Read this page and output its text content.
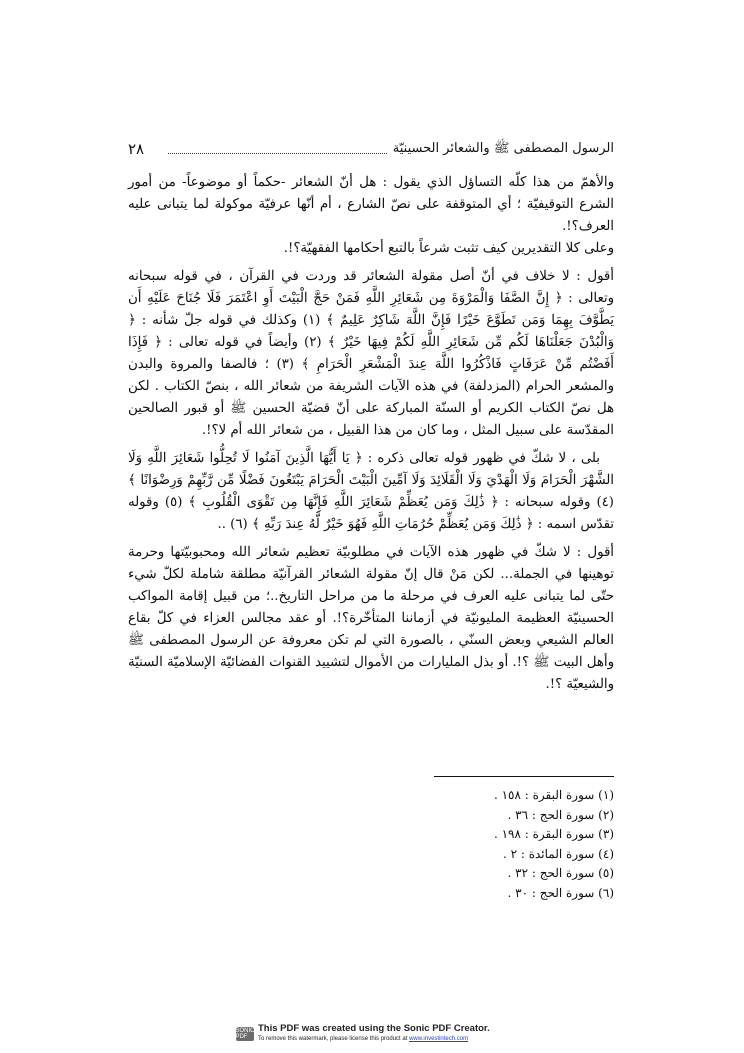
٢٨	الرسول المصطفى ﷺ والشعائر الحسينيّة

والأهمّ من هذا كلّه التساؤل الذي يقول : هل أنّ الشعائر -حكماً أو موضوعاً- من أمور الشرع التوقيفيّة ؛ أي المتوقفة على نصّ الشارع ، أم أنّها عرفيّة موكولة لما يتبانى عليه العرف؟!.

وعلى كلا التقديرين كيف تثبت شرعاً بالتبع أحكامها الفقهيّة؟!.

أقول : لا خلاف في أنّ أصل مقولة الشعائر قد وردت في القرآن ، في قوله سبحانه وتعالى : ﴿ إِنَّ الصَّفَا وَالْمَرْوَةَ مِن شَعَائِرِ اللَّهِ فَمَنْ حَجَّ الْبَيْتَ أَوِ اعْتَمَرَ فَلَا جُنَاحَ عَلَيْهِ أَن يَطَّوَّفَ بِهِمَا وَمَن تَطَوَّعَ خَيْرًا فَإِنَّ اللَّهَ شَاكِرٌ عَلِيمٌ ﴾ (١) وكذلك في قوله جلّ شأنه : ﴿ وَالْبُدْنَ جَعَلْنَاهَا لَكُم مِّن شَعَائِرِ اللَّهِ لَكُمْ فِيهَا خَيْرٌ ﴾ (٢) وأيضاً في قوله تعالى : ﴿ فَإِذَا أَفَضْتُم مِّنْ عَرَفَاتٍ فَاذْكُرُوا اللَّهَ عِندَ الْمَشْعَرِ الْحَرَامِ ﴾ (٣) ؛ فالصفا والمروة والبدن والمشعر الحرام (المزدلفة) في هذه الآيات الشريفة من شعائر الله ، بنصّ الكتاب . لكن هل نصّ الكتاب الكريم أو السنّة المباركة على أنّ قضيّة الحسين ﷺ أو قبور الصالحين المقدّسة على سبيل المثل ، وما كان من هذا القبيل ، من شعائر الله أم لا؟!.

بلى ، لا شكّ في ظهور قوله تعالى ذكره : ﴿ يَا أَيُّهَا الَّذِينَ آمَنُوا لَا تُحِلُّوا شَعَائِرَ اللَّهِ وَلَا الشَّهْرَ الْحَرَامَ وَلَا الْهَدْيَ وَلَا الْقَلَائِدَ وَلَا آمِّينَ الْبَيْتَ الْحَرَامَ يَبْتَغُونَ فَضْلًا مِّن رَّبِّهِمْ وَرِضْوَانًا ﴾ (٤) وقوله سبحانه : ﴿ ذَٰلِكَ وَمَن يُعَظِّمْ شَعَائِرَ اللَّهِ فَإِنَّهَا مِن تَقْوَى الْقُلُوبِ ﴾ (٥) وقوله تقدّس اسمه : ﴿ ذَٰلِكَ وَمَن يُعَظِّمْ حُرُمَاتِ اللَّهِ فَهُوَ خَيْرٌ لَّهُ عِندَ رَبِّهِ ﴾ (٦) ..

أقول : لا شكّ في ظهور هذه الآيات في مطلوبيّة تعظيم شعائر الله ومحبوبيّتها وحرمة توهينها في الجملة... لكن مَنْ قال إنّ مقولة الشعائر القرآنيّة مطلقة شاملة لكلّ شيء حتّى لما يتبانى عليه العرف في مرحلة ما من مراحل التاريخ..؛ من قبيل إقامة المواكب الحسينيّة العظيمة المليونيّة في أزماننا المتأخّرة؟!. أو عقد مجالس العزاء في كلّ بقاع العالم الشيعي وبعض السنّي ، بالصورة التي لم تكن معروفة عن الرسول المصطفى ﷺ وأهل البيت ﷺ ؟!. أو بذل المليارات من الأموال لتشييد القنوات الفضائيّة الإسلاميّة السنيّة والشيعيّة ؟!.

(١) سورة البقرة : ١٥٨ .
(٢) سورة الحج : ٣٦ .
(٣) سورة البقرة : ١٩٨ .
(٤) سورة المائدة : ٢ .
(٥) سورة الحج : ٣٢ .
(٦) سورة الحج : ٣٠ .
SONIC PDF
This PDF was created using the Sonic PDF Creator.
To remove this watermark, please license this product at www.investintech.com
